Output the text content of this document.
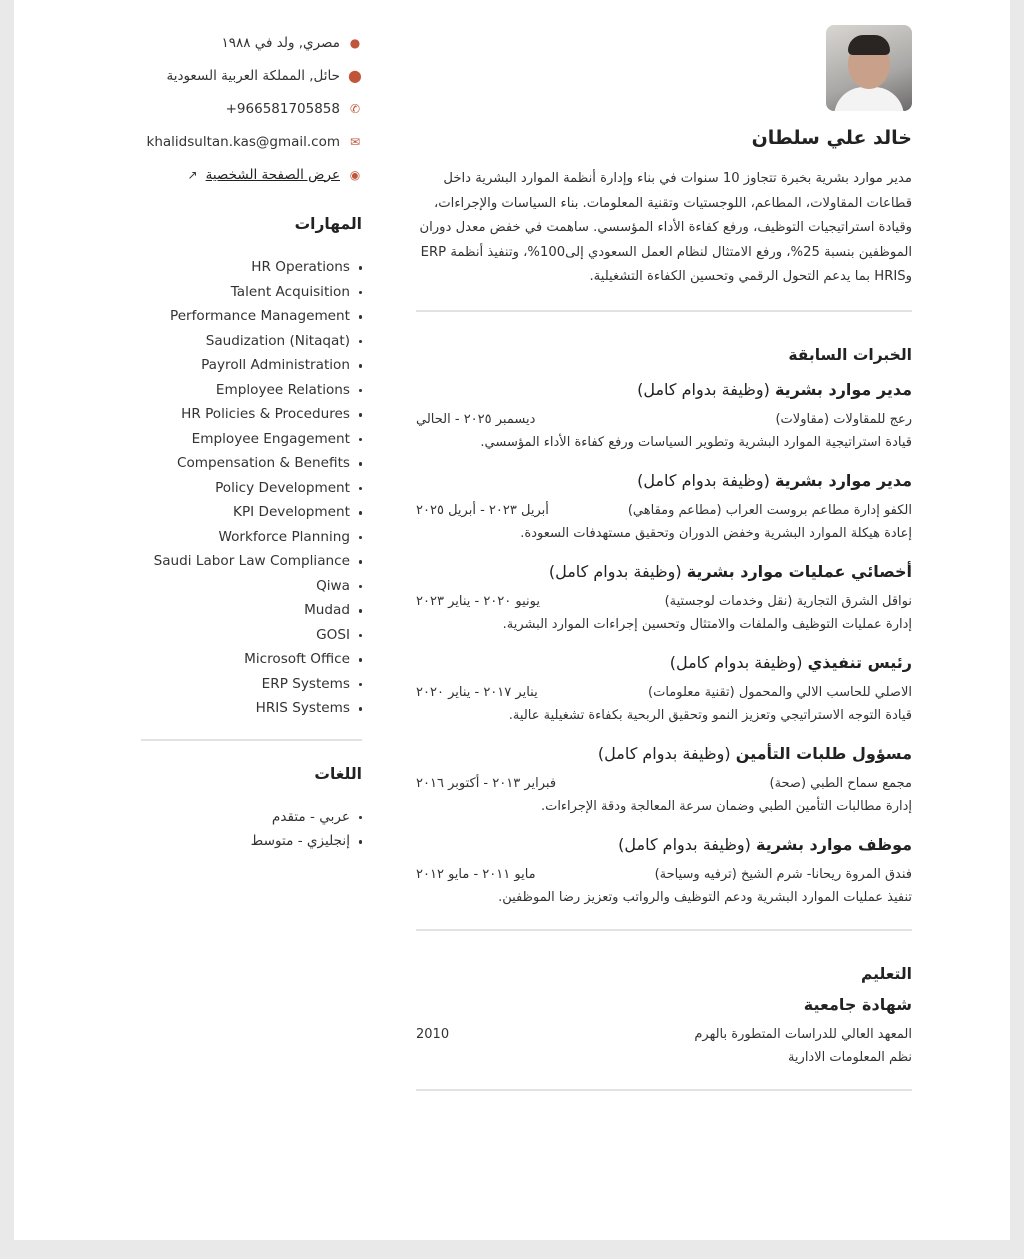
خالد علي سلطان
مدير موارد بشرية بخبرة تتجاوز 10 سنوات في بناء وإدارة أنظمة الموارد البشرية داخل قطاعات المقاولات، المطاعم، اللوجستيات وتقنية المعلومات. بناء السياسات والإجراءات، وقيادة استراتيجيات التوظيف، ورفع كفاءة الأداء المؤسسي. ساهمت في خفض معدل دوران الموظفين بنسبة 25%، ورفع الامتثال لنظام العمل السعودي إلى100%، وتنفيذ أنظمة ERP وHRIS بما يدعم التحول الرقمي وتحسين الكفاءة التشغيلية.
الخبرات السابقة
مدير موارد بشرية (وظيفة بدوام كامل)
رعج للمقاولات (مقاولات)
ديسمبر ٢٠٢٥ - الحالي
قيادة استراتيجية الموارد البشرية وتطوير السياسات ورفع كفاءة الأداء المؤسسي.
مدير موارد بشرية (وظيفة بدوام كامل)
الكفو إدارة مطاعم بروست العراب (مطاعم ومقاهي)
أبريل ٢٠٢٣ - أبريل ٢٠٢٥
إعادة هيكلة الموارد البشرية وخفض الدوران وتحقيق مستهدفات السعودة.
أخصائي عمليات موارد بشرية (وظيفة بدوام كامل)
نواقل الشرق التجارية (نقل وخدمات لوجستية)
يونيو ٢٠٢٠ - يناير ٢٠٢٣
إدارة عمليات التوظيف والملفات والامتثال وتحسين إجراءات الموارد البشرية.
رئيس تنفيذي (وظيفة بدوام كامل)
الاصلي للحاسب الالي والمحمول (تقنية معلومات)
يناير ٢٠١٧ - يناير ٢٠٢٠
قيادة التوجه الاستراتيجي وتعزيز النمو وتحقيق الربحية بكفاءة تشغيلية عالية.
مسؤول طلبات التأمين (وظيفة بدوام كامل)
مجمع سماح الطبي (صحة)
فبراير ٢٠١٣ - أكتوبر ٢٠١٦
إدارة مطالبات التأمين الطبي وضمان سرعة المعالجة ودقة الإجراءات.
موظف موارد بشرية (وظيفة بدوام كامل)
فندق المروة ريحانا- شرم الشيخ (ترفيه وسياحة)
مايو ٢٠١١ - مايو ٢٠١٢
تنفيذ عمليات الموارد البشرية ودعم التوظيف والرواتب وتعزيز رضا الموظفين.
التعليم
شهادة جامعية
المعهد العالي للدراسات المتطورة بالهرم
2010
نظم المعلومات الادارية
●
مصري, ولد في ١٩٨٨
⬤
حائل, المملكة العربية السعودية
✆
+966581705858
✉
khalidsultan.kas@gmail.com
◉
عرض الصفحة الشخصية
↗
المهارات
HR Operations
Talent Acquisition
Performance Management
Saudization (Nitaqat)
Payroll Administration
Employee Relations
HR Policies & Procedures
Employee Engagement
Compensation & Benefits
Policy Development
KPI Development
Workforce Planning
Saudi Labor Law Compliance
Qiwa
Mudad
GOSI
Microsoft Office
ERP Systems
HRIS Systems
اللغات
عربي - متقدم
إنجليزي - متوسط
